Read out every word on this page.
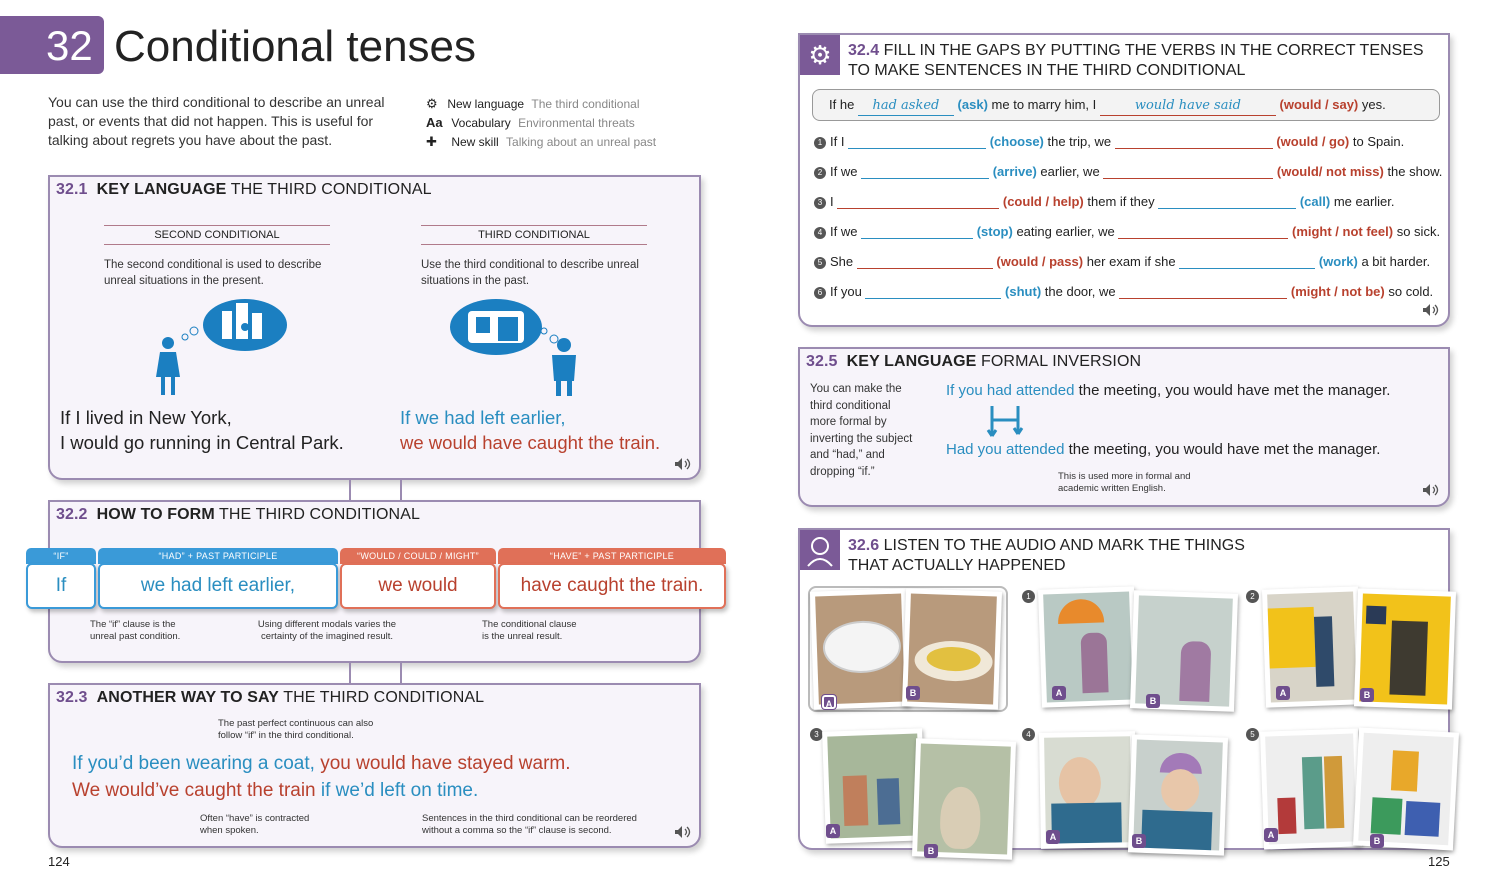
32 Conditional tenses
You can use the third conditional to describe an unreal past, or events that did not happen. This is useful for talking about regrets you have about the past.
⚙ New language The third conditional
Aa Vocabulary Environmental threats
✚ New skill Talking about an unreal past
32.1 KEY LANGUAGE THE THIRD CONDITIONAL
SECOND CONDITIONAL
The second conditional is used to describe unreal situations in the present.
If I lived in New York,
I would go running in Central Park.
THIRD CONDITIONAL
Use the third conditional to describe unreal situations in the past.
If we had left earlier,
we would have caught the train.
32.2 HOW TO FORM THE THIRD CONDITIONAL
“IF”
If
“HAD” + PAST PARTICIPLE
we had left earlier,
“WOULD / COULD / MIGHT”
we would
“HAVE” + PAST PARTICIPLE
have caught the train.
The “if” clause is the unreal past condition.
Using different modals varies the certainty of the imagined result.
The conditional clause is the unreal result.
32.3 ANOTHER WAY TO SAY THE THIRD CONDITIONAL
The past perfect continuous can also follow “if” in the third conditional.
If you’d been wearing a coat, you would have stayed warm.
We would’ve caught the train if we’d left on time.
Often “have” is contracted when spoken.
Sentences in the third conditional can be reordered without a comma so the “if” clause is second.
124
⚙	32.4 FILL IN THE GAPS BY PUTTING THE VERBS IN THE CORRECT TENSES
TO MAKE SENTENCES IN THE THIRD CONDITIONAL
If he had asked (ask) me to marry him, I	would have said	(would / say) yes.
1 If I	(choose) the trip, we	(would / go) to Spain.
2 If we	(arrive) earlier, we	(would/ not miss) the show.
3 I	(could / help) them if they	(call) me earlier.
4 If we	(stop) eating earlier, we	(might / not feel) so sick.
5 She	(would / pass) her exam if she	(work) a bit harder.
6 If you	(shut) the door, we	(might / not be) so cold.
32.5 KEY LANGUAGE FORMAL INVERSION
You can make the third conditional more formal by inverting the subject and “had,” and dropping “if.”
If you had attended the meeting, you would have met the manager.
Had you attended the meeting, you would have met the manager.
This is used more in formal and academic written English.
32.6 LISTEN TO THE AUDIO AND MARK THE THINGS
THAT ACTUALLY HAPPENED
A
B
1
A
B
2
A	B
3
A
B
4
A	B
5
A
B
125
